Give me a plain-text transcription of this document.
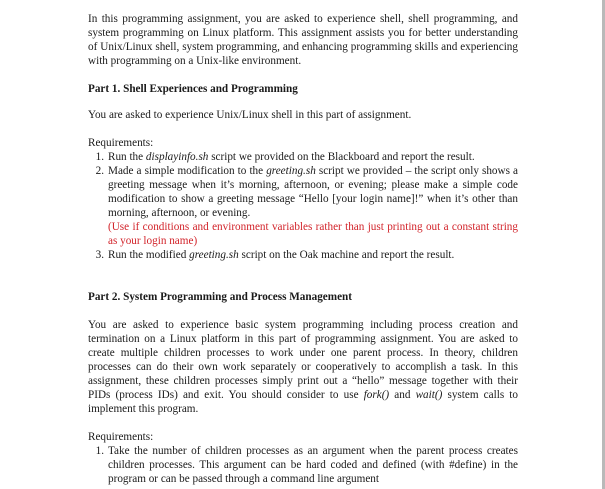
In this programming assignment, you are asked to experience shell, shell programming, and system programming on Linux platform. This assignment assists you for better understanding of Unix/Linux shell, system programming, and enhancing programming skills and experiencing with programming on a Unix-like environment.

Part 1. Shell Experiences and Programming

You are asked to experience Unix/Linux shell in this part of assignment.

Requirements:

1. Run the displayinfo.sh script we provided on the Blackboard and report the result.
2. Made a simple modification to the greeting.sh script we provided – the script only shows a greeting message when it’s morning, afternoon, or evening; please make a simple code modification to show a greeting message “Hello [your login name]!” when it’s other than morning, afternoon, or evening.
(Use if conditions and environment variables rather than just printing out a constant string as your login name)
3. Run the modified greeting.sh script on the Oak machine and report the result.

Part 2. System Programming and Process Management

You are asked to experience basic system programming including process creation and termination on a Linux platform in this part of programming assignment. You are asked to create multiple children processes to work under one parent process. In theory, children processes can do their own work separately or cooperatively to accomplish a task. In this assignment, these children processes simply print out a “hello” message together with their PIDs (process IDs) and exit. You should consider to use fork() and wait() system calls to implement this program.

Requirements:

1. Take the number of children processes as an argument when the parent process creates children processes. This argument can be hard coded and defined (with #define) in the program or can be passed through a command line argument
